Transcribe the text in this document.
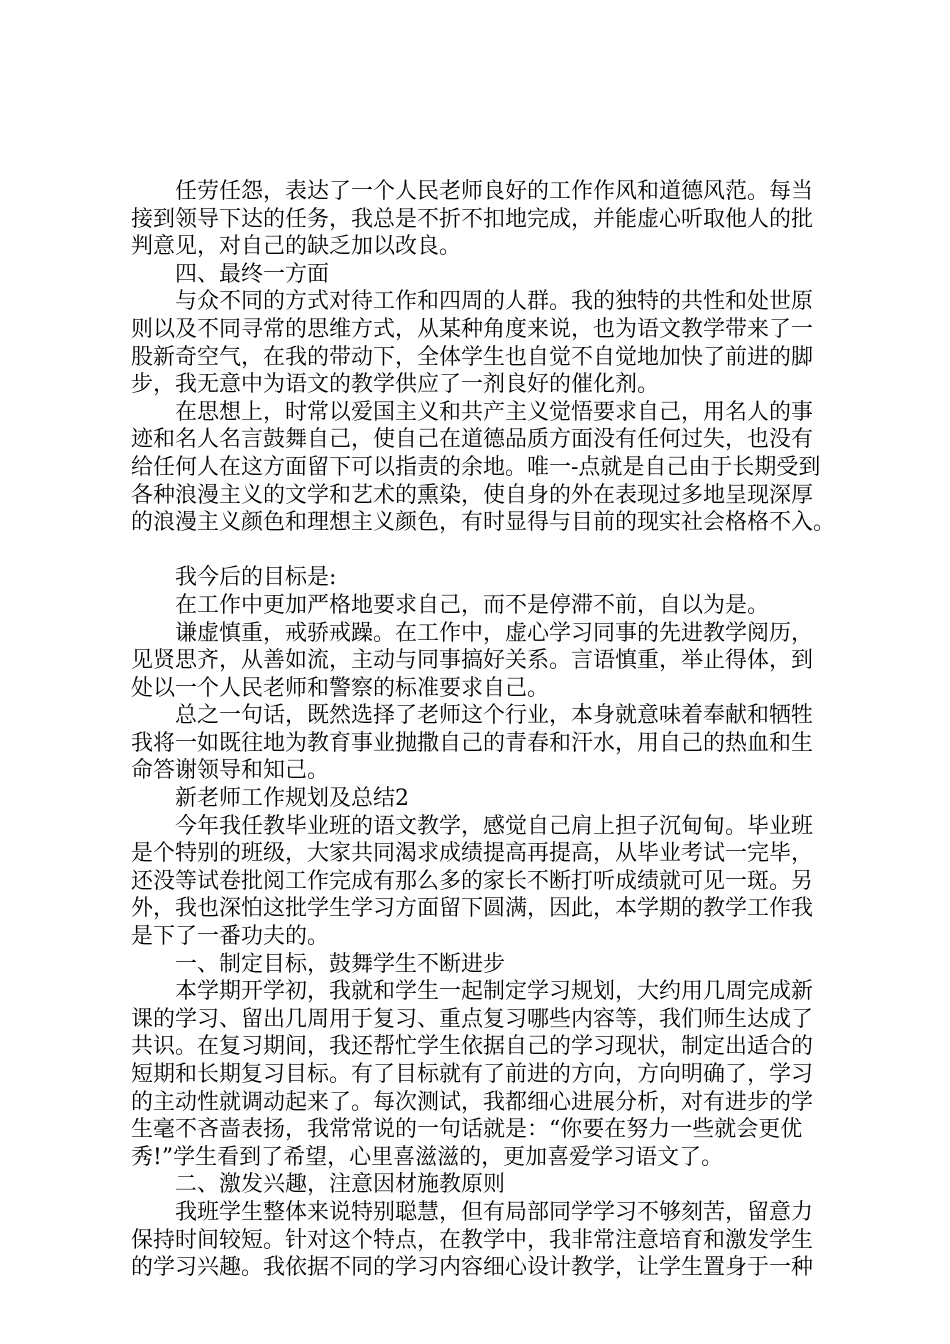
任劳任怨，表达了一个人民老师良好的工作作风和道德风范。每当
接到领导下达的任务，我总是不折不扣地完成，并能虚心听取他人的批
判意见，对自己的缺乏加以改良。
四、最终一方面
与众不同的方式对待工作和四周的人群。我的独特的共性和处世原
则以及不同寻常的思维方式，从某种角度来说，也为语文教学带来了一
股新奇空气，在我的带动下，全体学生也自觉不自觉地加快了前进的脚
步，我无意中为语文的教学供应了一剂良好的催化剂。
在思想上，时常以爱国主义和共产主义觉悟要求自己，用名人的事
迹和名人名言鼓舞自己，使自己在道德品质方面没有任何过失，也没有
给任何人在这方面留下可以指责的余地。唯一-点就是自己由于长期受到
各种浪漫主义的文学和艺术的熏染，使自身的外在表现过多地呈现深厚
的浪漫主义颜色和理想主义颜色，有时显得与目前的现实社会格格不入。
我今后的目标是:
在工作中更加严格地要求自己，而不是停滞不前，自以为是。
谦虚慎重，戒骄戒躁。在工作中，虚心学习同事的先进教学阅历，
见贤思齐，从善如流，主动与同事搞好关系。言语慎重，举止得体，到
处以一个人民老师和警察的标准要求自己。
总之一句话，既然选择了老师这个行业，本身就意味着奉献和牺牲
我将一如既往地为教育事业抛撒自己的青春和汗水，用自己的热血和生
命答谢领导和知己。
新老师工作规划及总结2
今年我任教毕业班的语文教学，感觉自己肩上担子沉甸甸。毕业班
是个特别的班级，大家共同渴求成绩提高再提高，从毕业考试一完毕，
还没等试卷批阅工作完成有那么多的家长不断打听成绩就可见一斑。另
外，我也深怕这批学生学习方面留下圆满，因此，本学期的教学工作我
是下了一番功夫的。
一、制定目标，鼓舞学生不断进步
本学期开学初，我就和学生一起制定学习规划，大约用几周完成新
课的学习、留出几周用于复习、重点复习哪些内容等，我们师生达成了
共识。在复习期间，我还帮忙学生依据自己的学习现状，制定出适合的
短期和长期复习目标。有了目标就有了前进的方向，方向明确了，学习
的主动性就调动起来了。每次测试，我都细心进展分析，对有进步的学
生毫不吝啬表扬，我常常说的一句话就是：“你要在努力一些就会更优
秀!”学生看到了希望，心里喜滋滋的，更加喜爱学习语文了。
二、激发兴趣，注意因材施教原则
我班学生整体来说特别聪慧，但有局部同学学习不够刻苦，留意力
保持时间较短。针对这个特点，在教学中，我非常注意培育和激发学生
的学习兴趣。我依据不同的学习内容细心设计教学，让学生置身于一种
